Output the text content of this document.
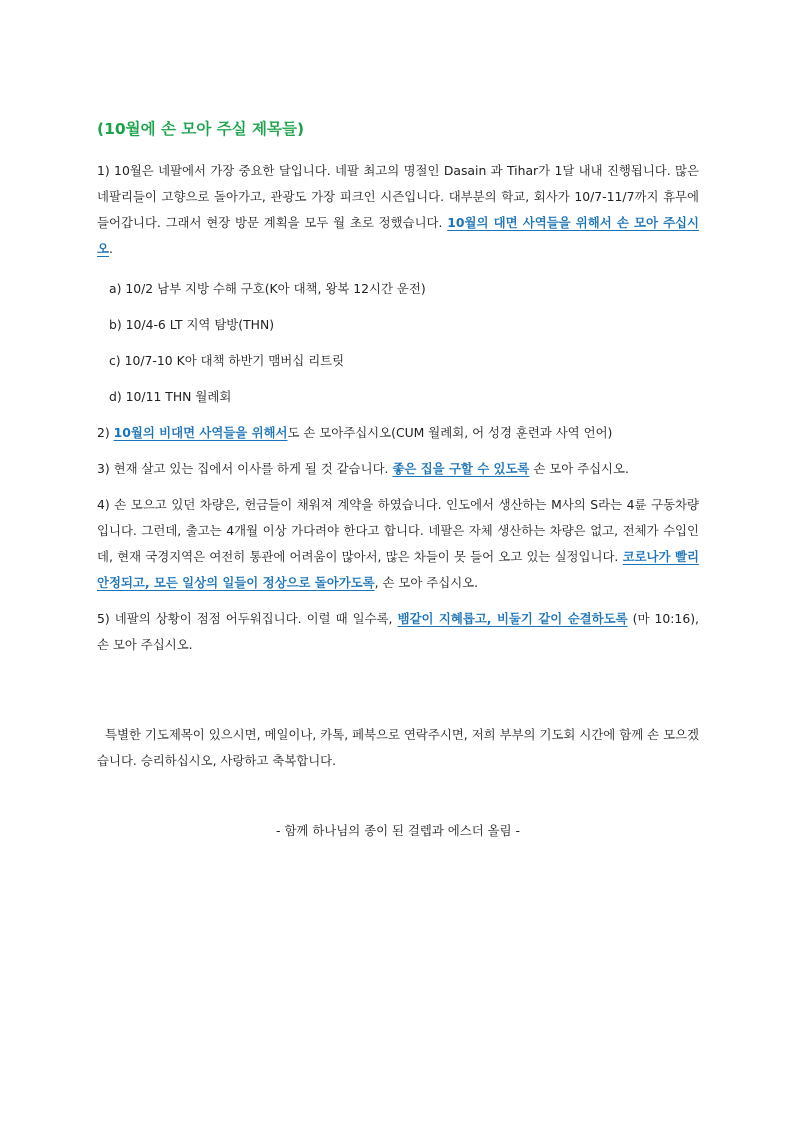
(10월에 손 모아 주실 제목들)

1) 10월은 네팔에서 가장 중요한 달입니다. 네팔 최고의 명절인 Dasain 과 Tihar가 1달 내내 진행됩니다. 많은 네팔리들이 고향으로 돌아가고, 관광도 가장 피크인 시즌입니다. 대부분의 학교, 회사가 10/7-11/7까지 휴무에 들어갑니다. 그래서 현장 방문 계획을 모두 월 초로 정했습니다. 10월의 대면 사역들을 위해서 손 모아 주십시오.

a) 10/2 남부 지방 수해 구호(K아 대책, 왕복 12시간 운전)
b) 10/4-6 LT 지역 탐방(THN)
c) 10/7-10 K아 대책 하반기 맴버십 리트릿
d) 10/11 THN 월례회

2) 10월의 비대면 사역들을 위해서도 손 모아주십시오(CUM 월례회, 어 성경 훈련과 사역 언어)

3) 현재 살고 있는 집에서 이사를 하게 될 것 같습니다. 좋은 집을 구할 수 있도록 손 모아 주십시오.

4) 손 모으고 있던 차량은, 헌금들이 채워져 계약을 하였습니다. 인도에서 생산하는 M사의 S라는 4륜 구동차량입니다. 그런데, 출고는 4개월 이상 가다려야 한다고 합니다. 네팔은 자체 생산하는 차량은 없고, 전체가 수입인데, 현재 국경지역은 여전히 통관에 어려움이 많아서, 많은 차들이 못 들어 오고 있는 실정입니다. 코로나가 빨리 안정되고, 모든 일상의 일들이 정상으로 돌아가도록, 손 모아 주십시오.

5) 네팔의 상황이 점점 어두워집니다. 이럴 때 일수록, 뱀같이 지혜롭고, 비둘기 같이 순결하도록 (마 10:16), 손 모아 주십시오.

특별한 기도제목이 있으시면, 메일이나, 카톡, 페북으로 연락주시면, 저희 부부의 기도회 시간에 함께 손 모으겠습니다. 승리하십시오, 사랑하고 축복합니다.

- 함께 하나님의 종이 된 걸렙과 에스더 올림 -
